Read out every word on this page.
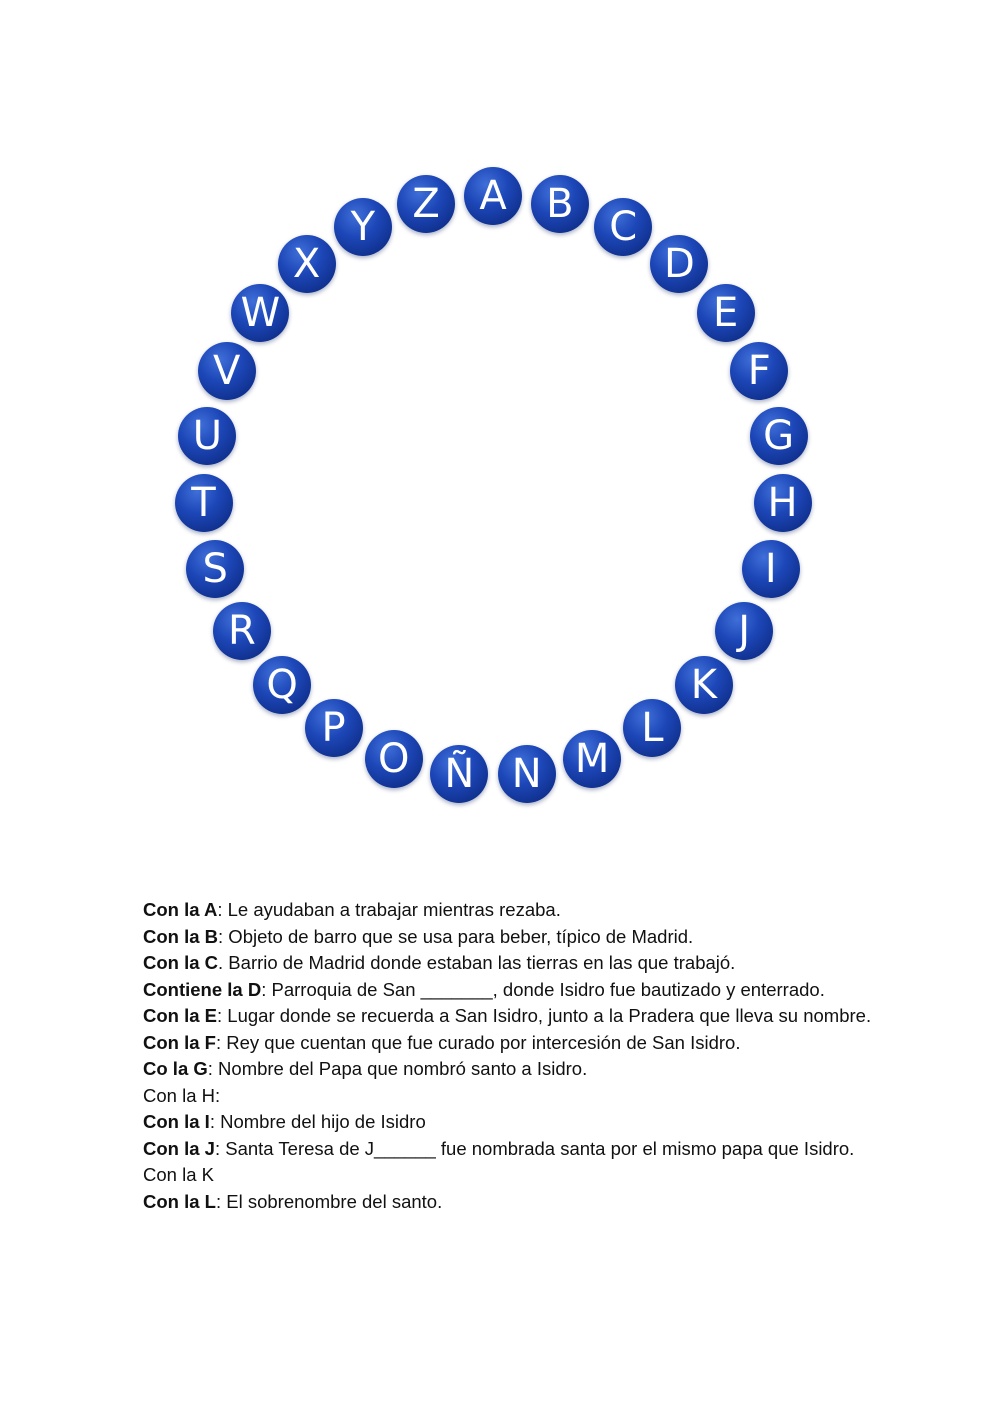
A B C
D
E
F
G
H
I
J
K
L
M
N
Ñ
O
P
Q
R
S
T
U
V
W
X
Y Z

Con la A: Le ayudaban a trabajar mientras rezaba.

Con la B: Objeto de barro que se usa para beber, típico de Madrid.

Con la C. Barrio de Madrid donde estaban las tierras en las que trabajó.

Contiene la D: Parroquia de San _______, donde Isidro fue bautizado y enterrado.

Con la E: Lugar donde se recuerda a San Isidro, junto a la Pradera que lleva su nombre.

Con la F: Rey que cuentan que fue curado por intercesión de San Isidro.

Co la G: Nombre del Papa que nombró santo a Isidro.

Con la H:

Con la I: Nombre del hijo de Isidro

Con la J: Santa Teresa de J______ fue nombrada santa por el mismo papa que Isidro.

Con la K

Con la L: El sobrenombre del santo.
